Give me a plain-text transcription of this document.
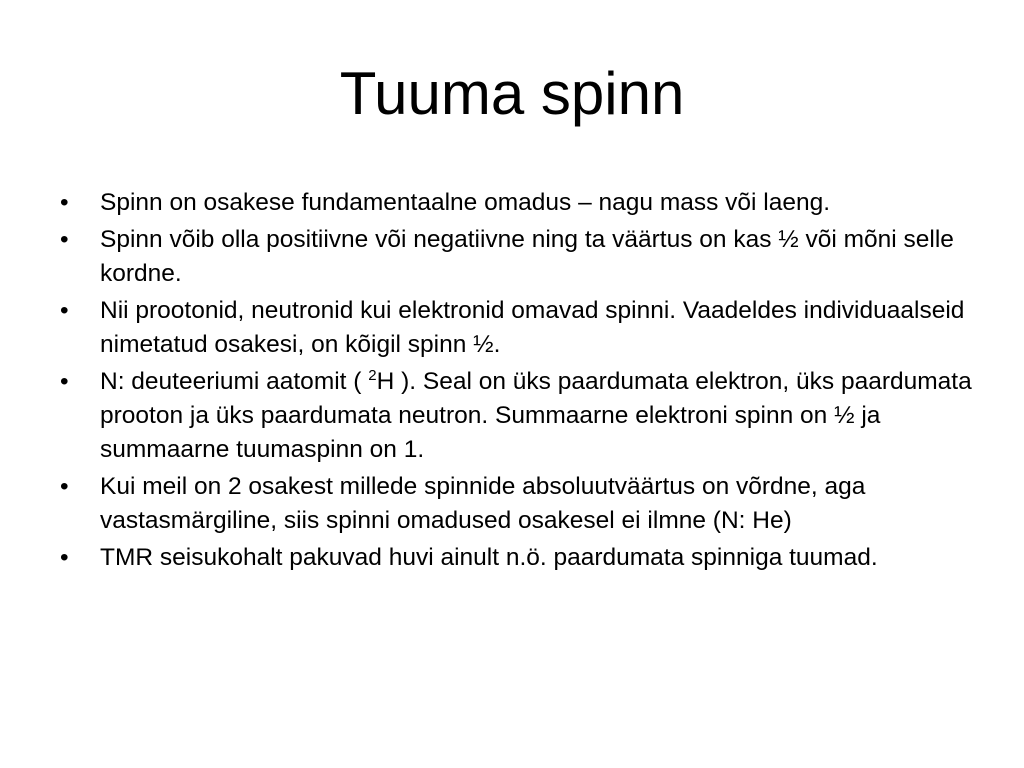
Tuuma spinn
•	Spinn on osakese fundamentaalne omadus – nagu mass või laeng.
•	Spinn võib olla positiivne või negatiivne ning ta väärtus on kas ½ või mõni selle kordne.
•	Nii prootonid, neutronid kui elektronid omavad spinni. Vaadeldes individuaalseid nimetatud osakesi, on kõigil spinn ½.
•	N: deuteeriumi aatomit ( $^2$H ). Seal on üks paardumata elektron, üks paardumata prooton ja üks paardumata neutron. Summaarne elektroni spinn on ½ ja summaarne tuumaspinn on 1.
•	Kui meil on 2 osakest millede spinnide absoluutväärtus on võrdne, aga vastasmärgiline, siis spinni omadused osakesel ei ilmne (N: He)
•	TMR seisukohalt pakuvad huvi ainult n.ö. paardumata spinniga tuumad.
